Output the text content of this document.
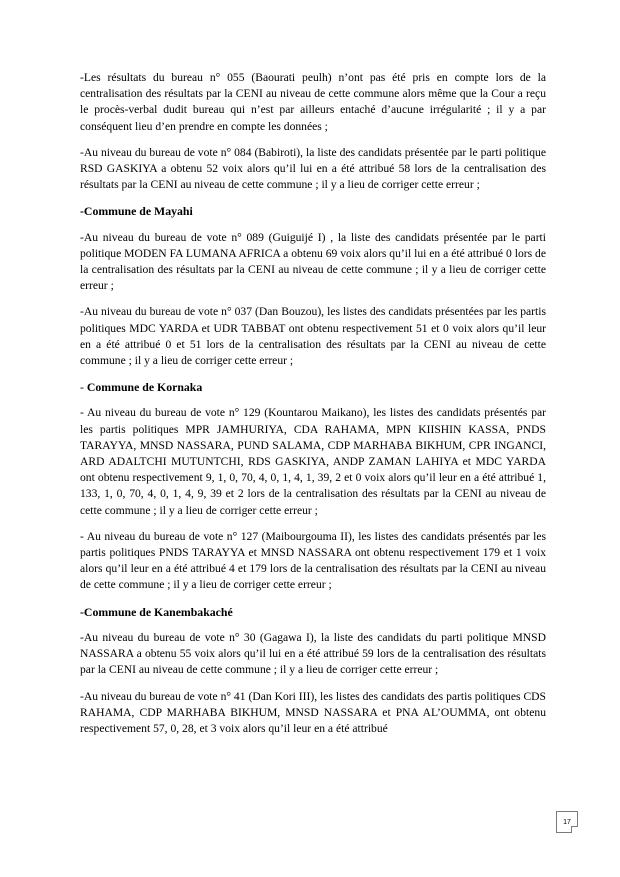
-Les résultats du bureau n° 055 (Baourati peulh) n’ont pas été pris en compte lors de la centralisation des résultats par la CENI au niveau de cette commune alors même que la Cour a reçu le procès-verbal dudit bureau qui n’est par ailleurs entaché d’aucune irrégularité ; il y a par conséquent lieu d’en prendre en compte les données ;

-Au niveau du bureau de vote n° 084 (Babiroti), la liste des candidats présentée par le parti politique RSD GASKIYA a obtenu 52 voix alors qu’il lui en a été attribué 58 lors de la centralisation des résultats par la CENI au niveau de cette commune ; il y a lieu de corriger cette erreur ;

-Commune de Mayahi

-Au niveau du bureau de vote n° 089 (Guiguijé I) , la liste des candidats présentée par le parti politique MODEN FA LUMANA AFRICA a obtenu 69 voix alors qu’il lui en a été attribué 0 lors de la centralisation des résultats par la CENI au niveau de cette commune ; il y a lieu de corriger cette erreur ;

-Au niveau du bureau de vote n° 037 (Dan Bouzou), les listes des candidats présentées par les partis politiques MDC YARDA et UDR TABBAT ont obtenu respectivement 51 et 0 voix alors qu’il leur en a été attribué 0 et 51 lors de la centralisation des résultats par la CENI au niveau de cette commune ; il y a lieu de corriger cette erreur ;

- Commune de Kornaka

- Au niveau du bureau de vote n° 129 (Kountarou Maikano), les listes des candidats présentés par les partis politiques MPR JAMHURIYA, CDA RAHAMA, MPN KIISHIN KASSA, PNDS TARAYYA, MNSD NASSARA, PUND SALAMA, CDP MARHABA BIKHUM, CPR INGANCI, ARD ADALTCHI MUTUNTCHI, RDS GASKIYA, ANDP ZAMAN LAHIYA et MDC YARDA ont obtenu respectivement 9, 1, 0, 70, 4, 0, 1, 4, 1, 39, 2 et 0 voix alors qu’il leur en a été attribué 1, 133, 1, 0, 70, 4, 0, 1, 4, 9, 39 et 2 lors de la centralisation des résultats par la CENI au niveau de cette commune ; il y a lieu de corriger cette erreur ;

- Au niveau du bureau de vote n° 127 (Maibourgouma II), les listes des candidats présentés par les partis politiques PNDS TARAYYA et MNSD NASSARA ont obtenu respectivement 179 et 1 voix alors qu’il leur en a été attribué 4 et 179 lors de la centralisation des résultats par la CENI au niveau de cette commune ; il y a lieu de corriger cette erreur ;

-Commune de Kanembakaché

-Au niveau du bureau de vote n° 30 (Gagawa I), la liste des candidats du parti politique MNSD NASSARA a obtenu 55 voix alors qu’il lui en a été attribué 59 lors de la centralisation des résultats par la CENI au niveau de cette commune ; il y a lieu de corriger cette erreur ;

-Au niveau du bureau de vote n° 41 (Dan Kori III), les listes des candidats des partis politiques CDS RAHAMA, CDP MARHABA BIKHUM, MNSD NASSARA et PNA AL’OUMMA, ont obtenu respectivement 57, 0, 28, et 3 voix alors qu’il leur en a été attribué

17
